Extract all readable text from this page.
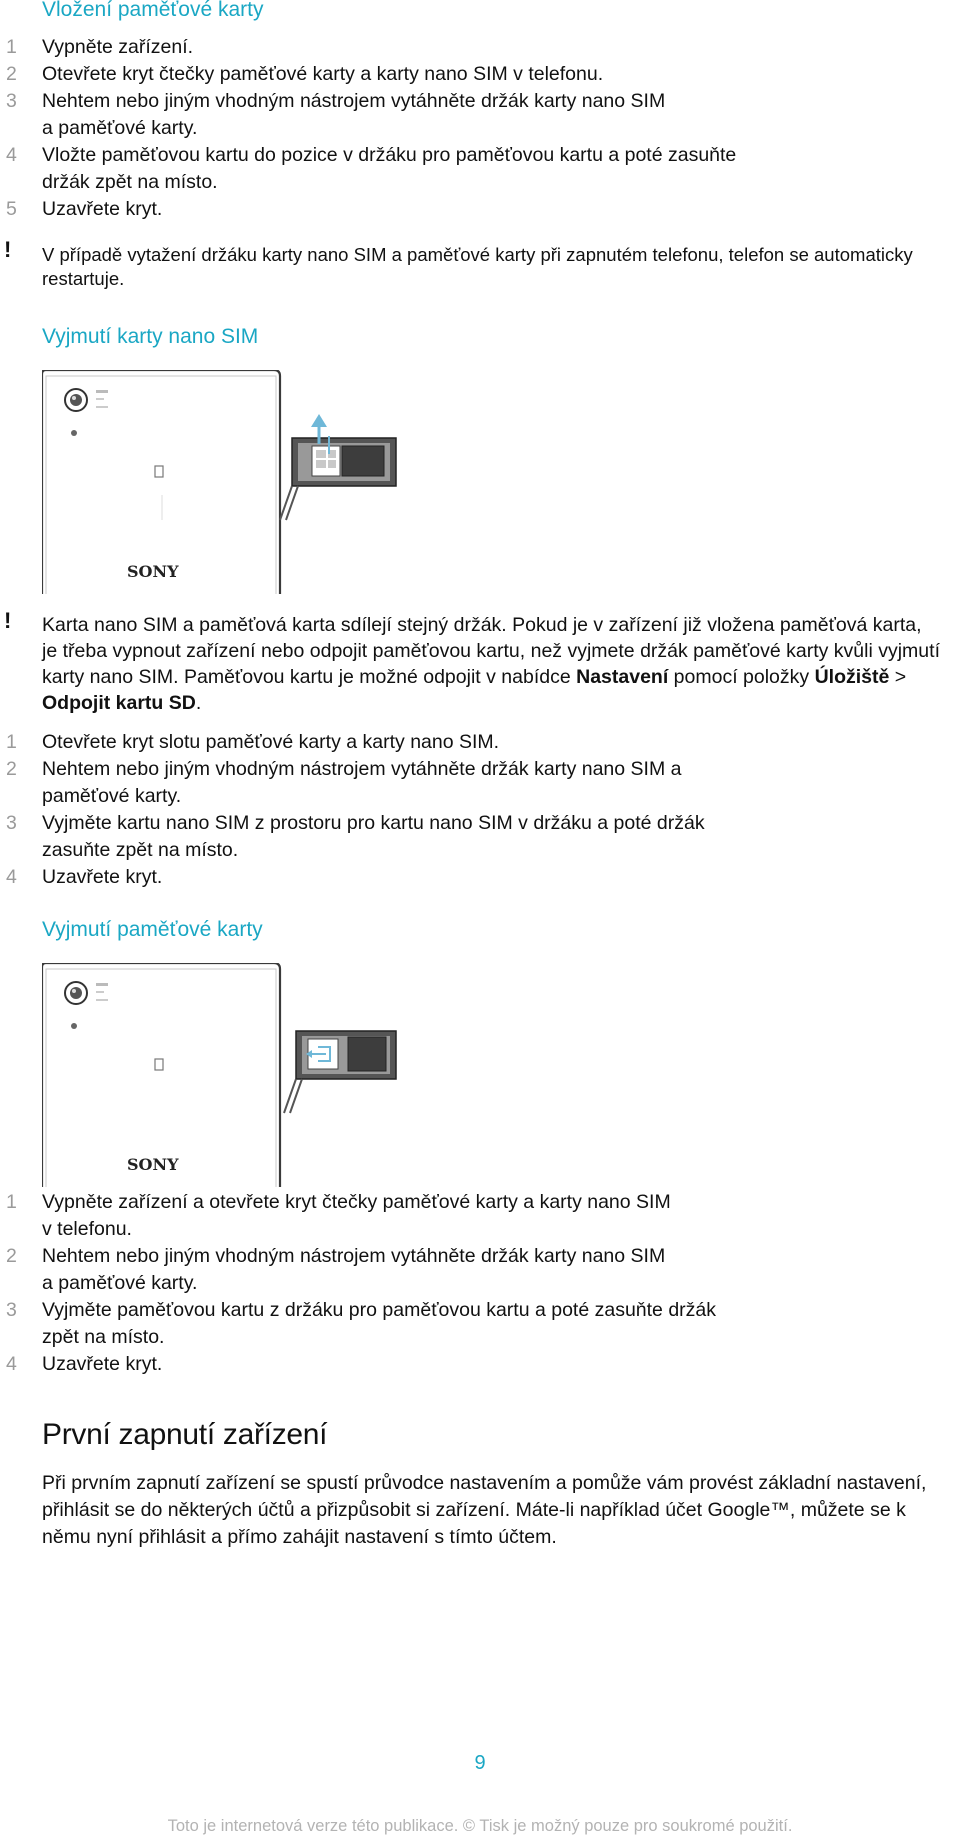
Vložení paměťové karty
1 Vypněte zařízení.
2 Otevřete kryt čtečky paměťové karty a karty nano SIM v telefonu.
3 Nehtem nebo jiným vhodným nástrojem vytáhněte držák karty nano SIM
a paměťové karty.
4 Vložte paměťovou kartu do pozice v držáku pro paměťovou kartu a poté zasuňte
držák zpět na místo.
5 Uzavřete kryt.
! V případě vytažení držáku karty nano SIM a paměťové karty při zapnutém telefonu, telefon se automaticky restartuje.

Vyjmutí karty nano SIM
SONY
! Karta nano SIM a paměťová karta sdílejí stejný držák. Pokud je v zařízení již vložena paměťová karta, je třeba vypnout zařízení nebo odpojit paměťovou kartu, než vyjmete držák paměťové karty kvůli vyjmutí karty nano SIM. Paměťovou kartu je možné odpojit v nabídce Nastavení pomocí položky Úložiště > Odpojit kartu SD.

1 Otevřete kryt slotu paměťové karty a karty nano SIM.
2 Nehtem nebo jiným vhodným nástrojem vytáhněte držák karty nano SIM a
paměťové karty.
3 Vyjměte kartu nano SIM z prostoru pro kartu nano SIM v držáku a poté držák
zasuňte zpět na místo.
4 Uzavřete kryt.
Vyjmutí paměťové karty
SONY
1 Vypněte zařízení a otevřete kryt čtečky paměťové karty a karty nano SIM
v telefonu.
2 Nehtem nebo jiným vhodným nástrojem vytáhněte držák karty nano SIM
a paměťové karty.
3 Vyjměte paměťovou kartu z držáku pro paměťovou kartu a poté zasuňte držák
zpět na místo.
4 Uzavřete kryt.
První zapnutí zařízení

Při prvním zapnutí zařízení se spustí průvodce nastavením a pomůže vám provést základní nastavení, přihlásit se do některých účtů a přizpůsobit si zařízení. Máte-li například účet Google™, můžete se k němu nyní přihlásit a přímo zahájit nastavení s tímto účtem.

9

Toto je internetová verze této publikace. © Tisk je možný pouze pro soukromé použití.
